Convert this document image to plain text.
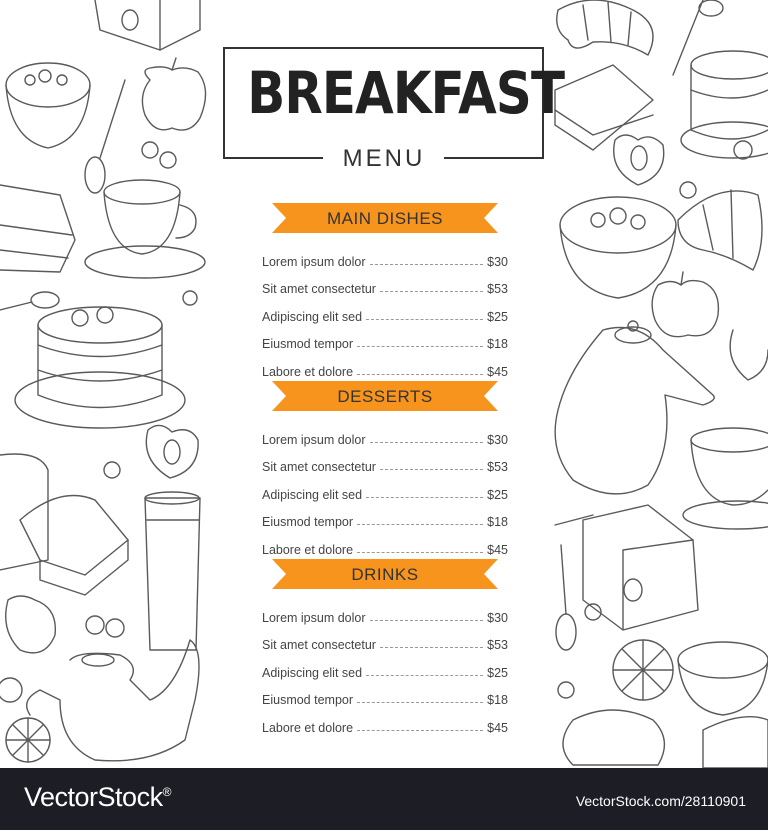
BREAKFAST
MENU
MAIN DISHES
Lorem ipsum dolor	$30
Sit amet consectetur	$53
Adipiscing elit sed	$25
Eiusmod tempor	$18
Labore et dolore	$45
DESSERTS
Lorem ipsum dolor	$30
Sit amet consectetur	$53
Adipiscing elit sed	$25
Eiusmod tempor	$18
Labore et dolore	$45
DRINKS
Lorem ipsum dolor	$30
Sit amet consectetur	$53
Adipiscing elit sed	$25
Eiusmod tempor	$18
Labore et dolore	$45
VectorStock®
VectorStock.com/28110901
